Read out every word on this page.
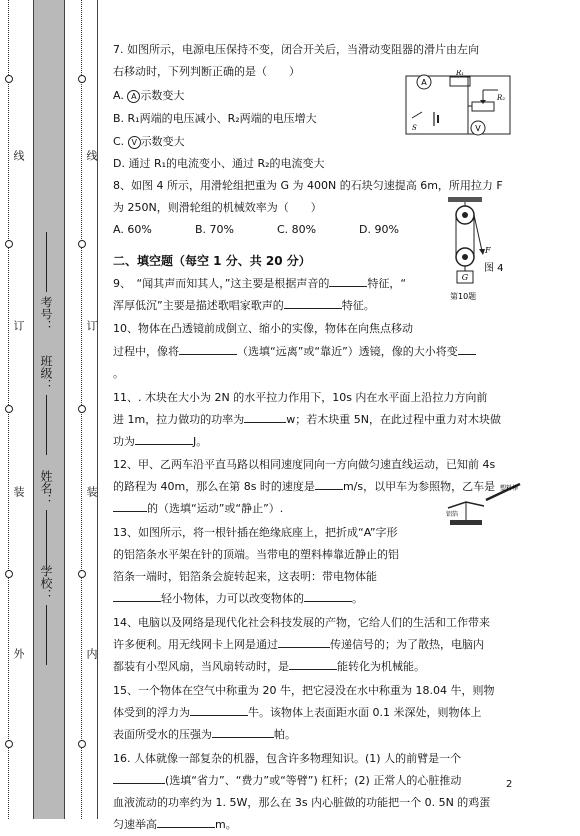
外
装
订
线
内
装
订
线
学校：
姓名：
班级：
考号：
7. 如图所示，电源电压保持不变，闭合开关后，当滑动变阻器的滑片由左向
右移动时，下列判断正确的是（　　）
A. A 示数变大
B. R₁两端的电压减小、R₂两端的电压增大
C. V 示数变大
D. 通过 R₁的电流变小、通过 R₂的电流变大
8、如图 4 所示，用滑轮组把重为 G 为 400N 的石块匀速提高 6m，所用拉力 F
为 250N，则滑轮组的机械效率为（　　）
A. 60%	B. 70%	C. 80%	D. 90%
二、填空题（每空 1 分、共 20 分）
9、　“闻其声而知其人，”这主要是根据声音的	特征，“
浑厚低沉”主要是描述歌唱家歌声的	特征。
10、物体在凸透镜前成倒立、缩小的实像，物体在向焦点移动
过程中，像将	（选填“远离”或“靠近”）透镜，像的大小将变
。
11、. 木块在大小为 2N 的水平拉力作用下，10s 内在水平面上沿拉力方向前
进 1m，拉力做功的功率为	w；若木块重 5N，在此过程中重力对木块做
功为	J。
12、甲、乙两车沿平直马路以相同速度同向一方向做匀速直线运动，已知前 4s
的路程为 40m，那么在第 8s 时的速度是	m/s，以甲车为参照物，乙车是
的（选填“运动”或“静止”）.
13、如图所示，将一根针插在绝缘底座上，把折成“A”字形
的铝箔条水平架在针的顶端。当带电的塑料棒靠近静止的铝
箔条一端时，铝箔条会旋转起来，这表明：带电物体能
轻小物体，力可以改变物体的	。
14、电脑以及网络是现代化社会科技发展的产物，它给人们的生活和工作带来
许多便利。用无线网卡上网是通过	传递信号的；为了散热，电脑内
都装有小型风扇，当风扇转动时，是	能转化为机械能。
15、一个物体在空气中称重为 20 牛，把它浸没在水中称重为 18.04 牛，则物
体受到的浮力为	牛。该物体上表面距水面 0.1 米深处，则物体上
表面所受水的压强为	帕。
16. 人体就像一部复杂的机器，包含许多物理知识。(1) 人的前臂是一个
(选填“省力”、“费力”或“等臂”) 杠杆；(2) 正常人的心脏推动
血液流动的功率约为 1. 5W，那么在 3s 内心脏做的功能把一个 0. 5N 的鸡蛋
匀速举高	m。
A
R₁
R₂
V
S
F
G
图 4
第10题
塑料棒
铝箔
2
